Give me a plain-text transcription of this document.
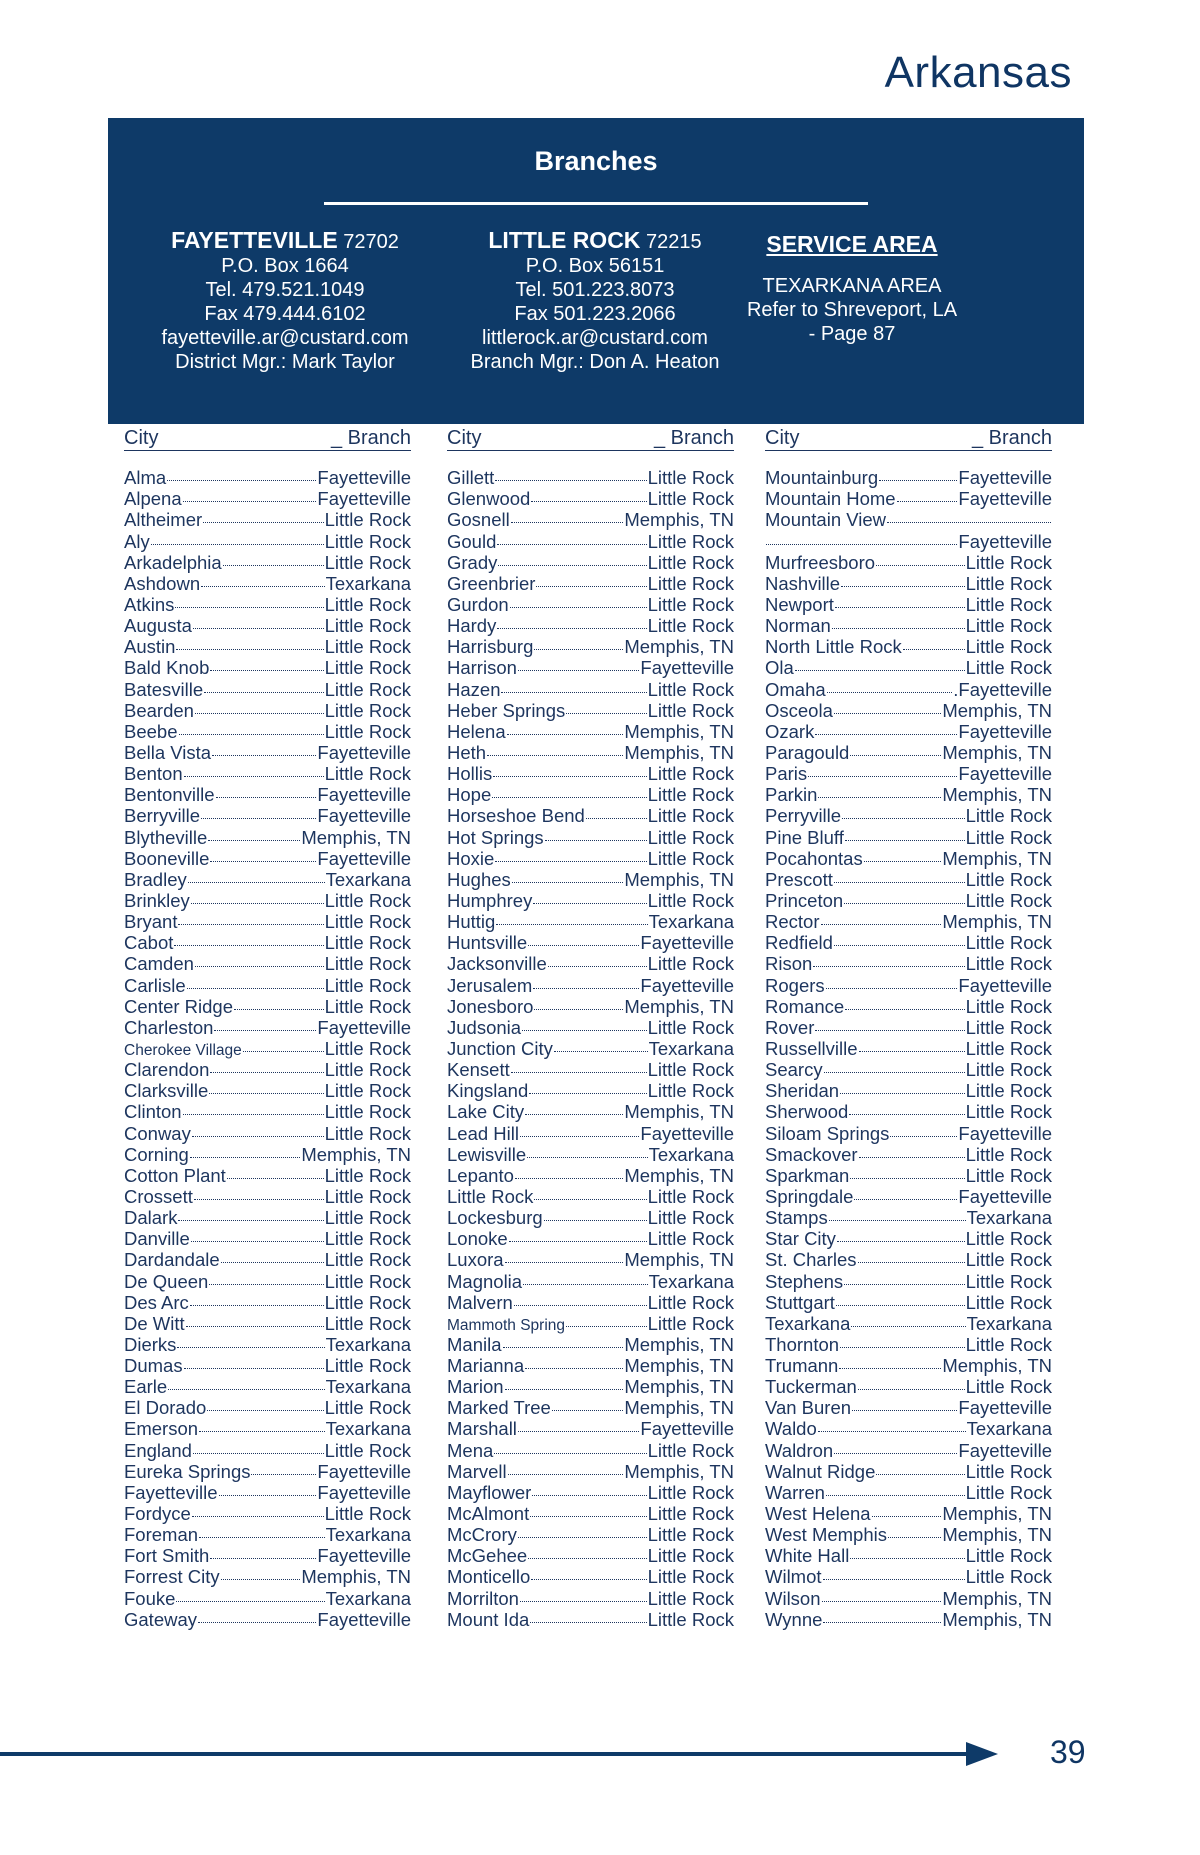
Arkansas
Branches
FAYETTEVILLE 72702
P.O. Box 1664
Tel. 479.521.1049
Fax 479.444.6102
fayetteville.ar@custard.com
District Mgr.: Mark Taylor
LITTLE ROCK 72215
P.O. Box 56151
Tel. 501.223.8073
Fax 501.223.2066
littlerock.ar@custard.com
Branch Mgr.: Don A. Heaton
SERVICE AREA
TEXARKANA AREA
Refer to Shreveport, LA
- Page 87
City	_ Branch
Alma	Fayetteville
Alpena	Fayetteville
Altheimer	Little Rock
Aly	Little Rock
Arkadelphia	Little Rock
Ashdown	Texarkana
Atkins	Little Rock
Augusta	Little Rock
Austin	Little Rock
Bald Knob	Little Rock
Batesville	Little Rock
Bearden	Little Rock
Beebe	Little Rock
Bella Vista	Fayetteville
Benton	Little Rock
Bentonville	Fayetteville
Berryville	Fayetteville
Blytheville	Memphis, TN
Booneville	Fayetteville
Bradley	Texarkana
Brinkley	Little Rock
Bryant	Little Rock
Cabot	Little Rock
Camden	Little Rock
Carlisle	Little Rock
Center Ridge	Little Rock
Charleston	Fayetteville
Cherokee Village	Little Rock
Clarendon	Little Rock
Clarksville	Little Rock
Clinton	Little Rock
Conway	Little Rock
Corning	Memphis, TN
Cotton Plant	Little Rock
Crossett	Little Rock
Dalark	Little Rock
Danville	Little Rock
Dardandale	Little Rock
De Queen	Little Rock
Des Arc	Little Rock
De Witt	Little Rock
Dierks	Texarkana
Dumas	Little Rock
Earle	Texarkana
El Dorado	Little Rock
Emerson	Texarkana
England	Little Rock
Eureka Springs	Fayetteville
Fayetteville	Fayetteville
Fordyce	Little Rock
Foreman	Texarkana
Fort Smith	Fayetteville
Forrest City	Memphis, TN
Fouke	Texarkana
Gateway	Fayetteville
City	_ Branch
Gillett	Little Rock
Glenwood	Little Rock
Gosnell	Memphis, TN
Gould	Little Rock
Grady	Little Rock
Greenbrier	Little Rock
Gurdon	Little Rock
Hardy	Little Rock
Harrisburg	Memphis, TN
Harrison	Fayetteville
Hazen	Little Rock
Heber Springs	Little Rock
Helena	Memphis, TN
Heth	Memphis, TN
Hollis	Little Rock
Hope	Little Rock
Horseshoe Bend	Little Rock
Hot Springs	Little Rock
Hoxie	Little Rock
Hughes	Memphis, TN
Humphrey	Little Rock
Huttig	Texarkana
Huntsville	Fayetteville
Jacksonville	Little Rock
Jerusalem	Fayetteville
Jonesboro	Memphis, TN
Judsonia	Little Rock
Junction City	Texarkana
Kensett	Little Rock
Kingsland	Little Rock
Lake City	Memphis, TN
Lead Hill	Fayetteville
Lewisville	Texarkana
Lepanto	Memphis, TN
Little Rock	Little Rock
Lockesburg	Little Rock
Lonoke	Little Rock
Luxora	Memphis, TN
Magnolia	Texarkana
Malvern	Little Rock
Mammoth Spring	Little Rock
Manila	Memphis, TN
Marianna	Memphis, TN
Marion	Memphis, TN
Marked Tree	Memphis, TN
Marshall	Fayetteville
Mena	Little Rock
Marvell	Memphis, TN
Mayflower	Little Rock
McAlmont	Little Rock
McCrory	Little Rock
McGehee	Little Rock
Monticello	Little Rock
Morrilton	Little Rock
Mount Ida	Little Rock
City	_ Branch
Mountainburg	Fayetteville
Mountain Home	Fayetteville
Mountain View
Fayetteville
Murfreesboro	Little Rock
Nashville	Little Rock
Newport	Little Rock
Norman	Little Rock
North Little Rock	Little Rock
Ola	Little Rock
Omaha	.Fayetteville
Osceola	Memphis, TN
Ozark	Fayetteville
Paragould	Memphis, TN
Paris	Fayetteville
Parkin	Memphis, TN
Perryville	Little Rock
Pine Bluff	Little Rock
Pocahontas	Memphis, TN
Prescott	Little Rock
Princeton	Little Rock
Rector	Memphis, TN
Redfield	Little Rock
Rison	Little Rock
Rogers	Fayetteville
Romance	Little Rock
Rover	Little Rock
Russellville	Little Rock
Searcy	Little Rock
Sheridan	Little Rock
Sherwood	Little Rock
Siloam Springs	Fayetteville
Smackover	Little Rock
Sparkman	Little Rock
Springdale	Fayetteville
Stamps	Texarkana
Star City	Little Rock
St. Charles	Little Rock
Stephens	Little Rock
Stuttgart	Little Rock
Texarkana	Texarkana
Thornton	Little Rock
Trumann	Memphis, TN
Tuckerman	Little Rock
Van Buren	Fayetteville
Waldo	Texarkana
Waldron	Fayetteville
Walnut Ridge	Little Rock
Warren	Little Rock
West Helena	Memphis, TN
West Memphis	Memphis, TN
White Hall	Little Rock
Wilmot	Little Rock
Wilson	Memphis, TN
Wynne	Memphis, TN
39
